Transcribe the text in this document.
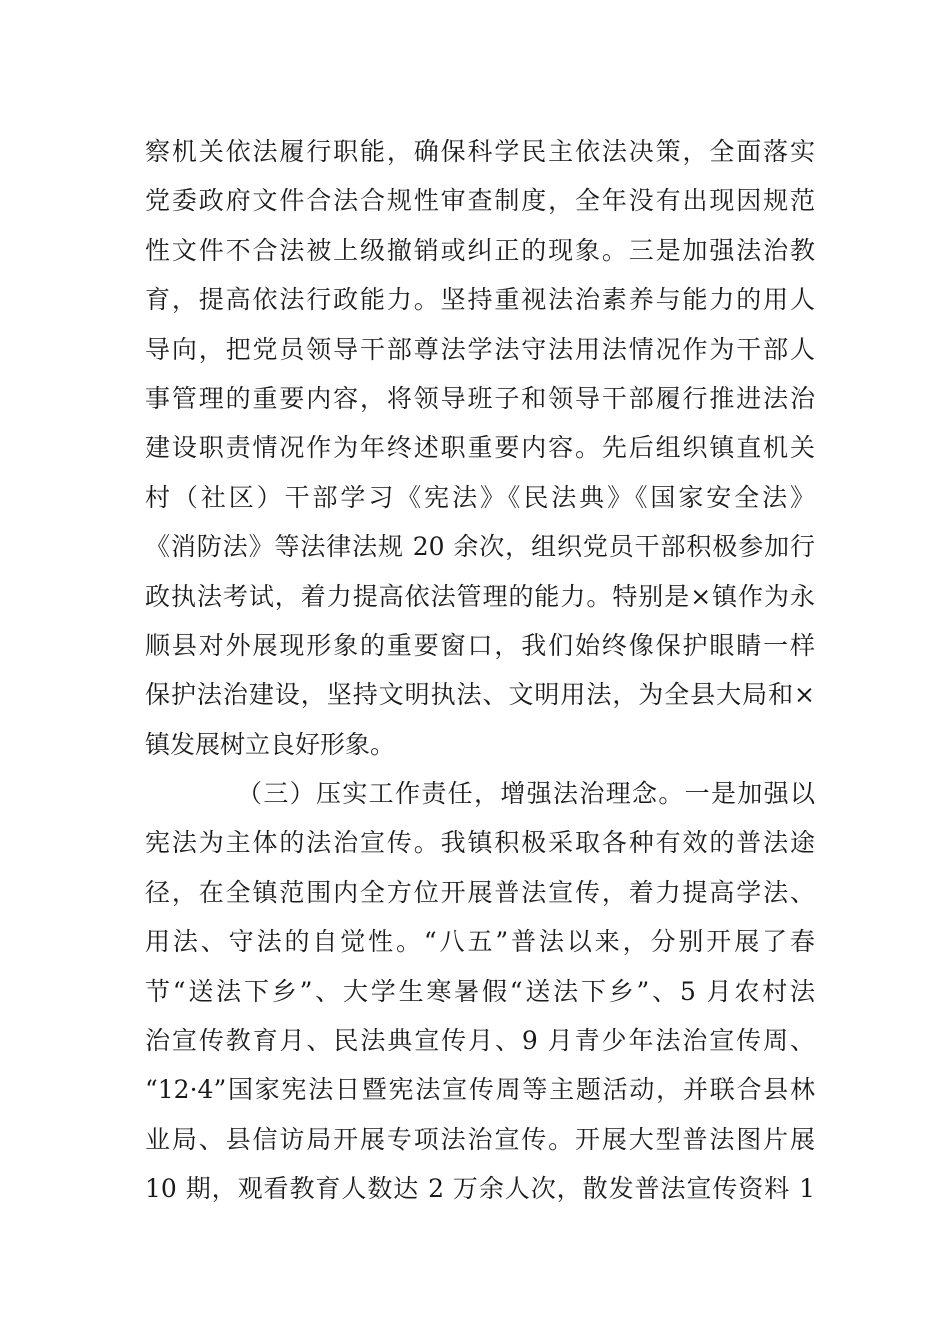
察机关依法履行职能，确保科学民主依法决策，全面落实
党委政府文件合法合规性审查制度，全年没有出现因规范
性文件不合法被上级撤销或纠正的现象。三是加强法治教
育，提高依法行政能力。坚持重视法治素养与能力的用人
导向，把党员领导干部尊法学法守法用法情况作为干部人
事管理的重要内容，将领导班子和领导干部履行推进法治
建设职责情况作为年终述职重要内容。先后组织镇直机关
村（社区）干部学习《宪法》《民法典》《国家安全法》
《消防法》等法律法规 20 余次，组织党员干部积极参加行
政执法考试，着力提高依法管理的能力。特别是×镇作为永
顺县对外展现形象的重要窗口，我们始终像保护眼睛一样
保护法治建设，坚持文明执法、文明用法，为全县大局和×
镇发展树立良好形象。
（三）压实工作责任，增强法治理念。一是加强以
宪法为主体的法治宣传。我镇积极采取各种有效的普法途
径，在全镇范围内全方位开展普法宣传，着力提高学法、
用法、守法的自觉性。“八五”普法以来，分别开展了春
节“送法下乡”、大学生寒暑假“送法下乡”、5 月农村法
治宣传教育月、民法典宣传月、9 月青少年法治宣传周、
“12·4”国家宪法日暨宪法宣传周等主题活动，并联合县林
业局、县信访局开展专项法治宣传。开展大型普法图片展
10 期，观看教育人数达 2 万余人次，散发普法宣传资料 1
